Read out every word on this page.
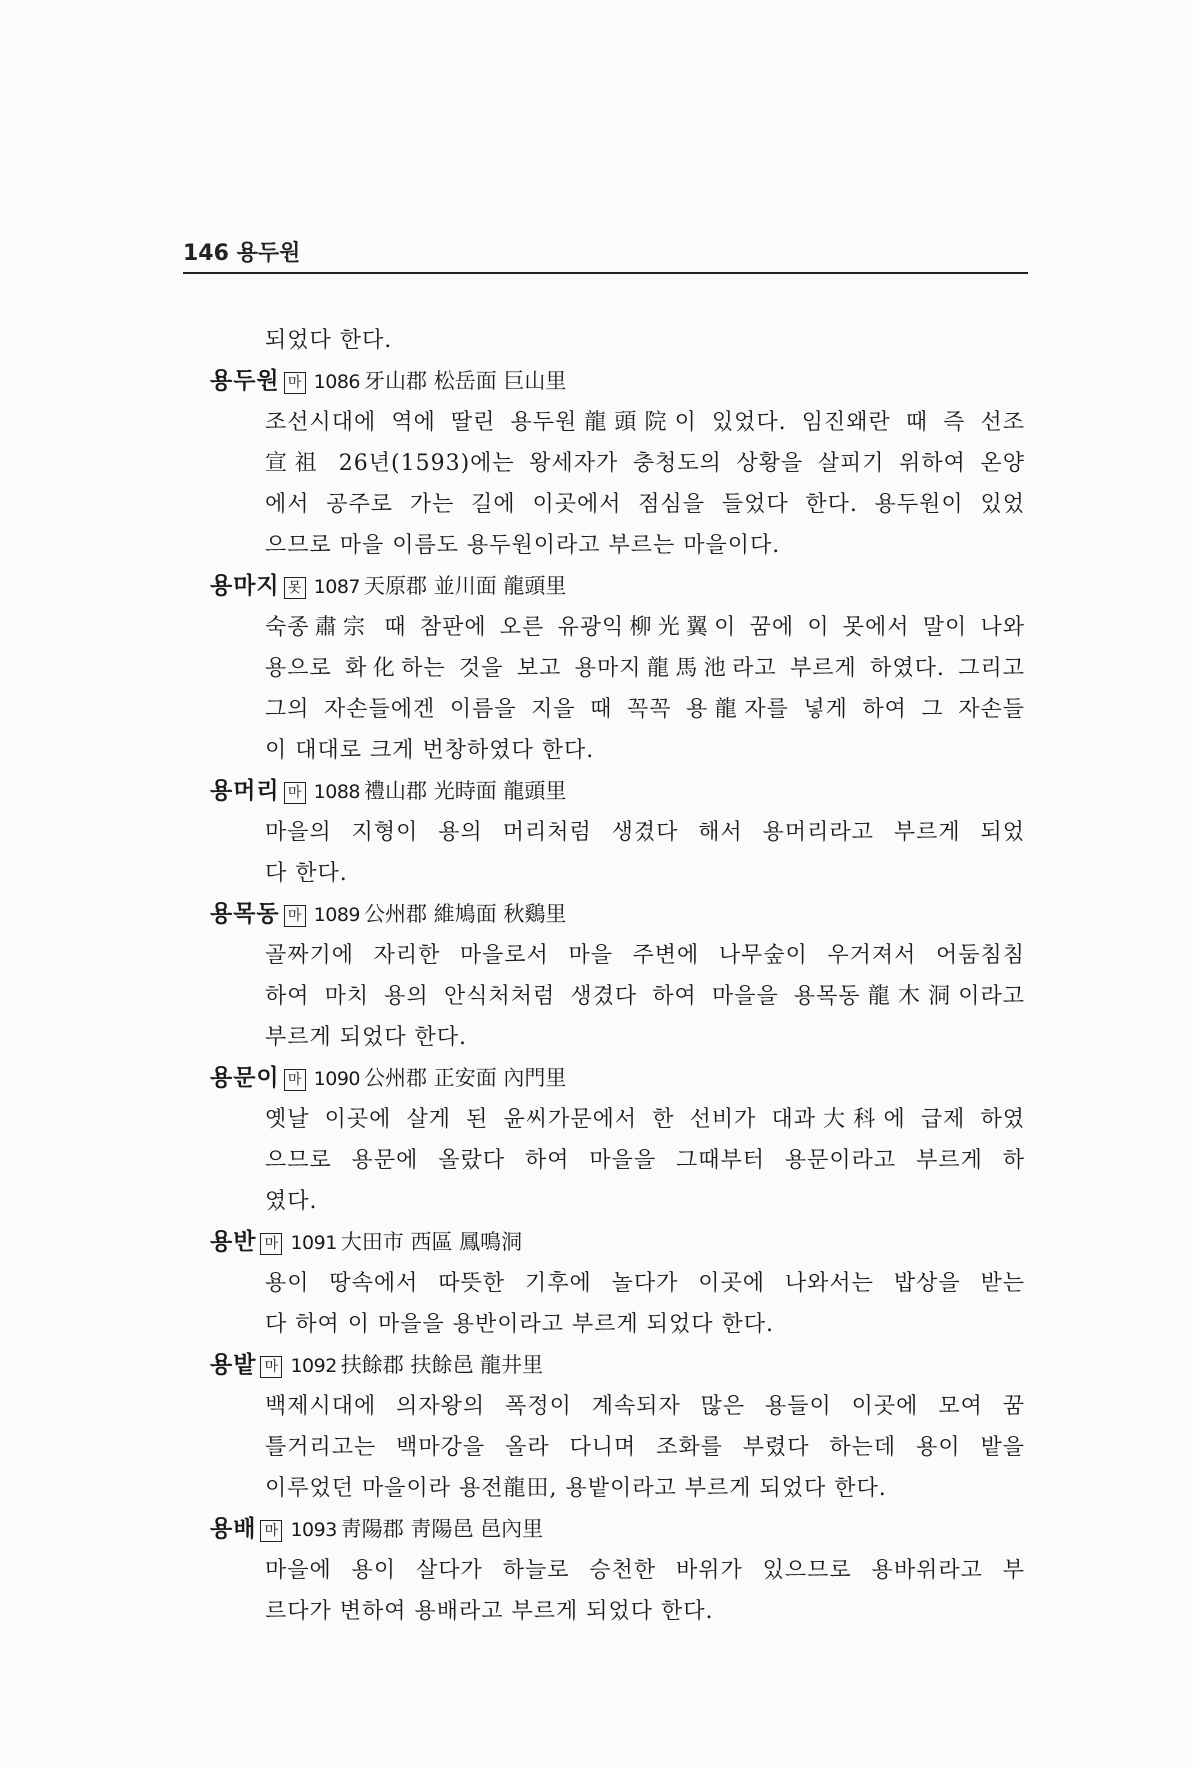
146 용두원
되었다 한다.
용두원 마 1086 牙山郡 松岳面 巨山里
조선시대에 역에 딸린 용두원龍頭院이 있었다. 임진왜란 때 즉 선조
宣祖 26년(1593)에는 왕세자가 충청도의 상황을 살피기 위하여 온양
에서 공주로 가는 길에 이곳에서 점심을 들었다 한다. 용두원이 있었
으므로 마을 이름도 용두원이라고 부르는 마을이다.
용마지 못 1087 天原郡 並川面 龍頭里
숙종肅宗 때 참판에 오른 유광익柳光翼이 꿈에 이 못에서 말이 나와
용으로 화化하는 것을 보고 용마지龍馬池라고 부르게 하였다. 그리고
그의 자손들에겐 이름을 지을 때 꼭꼭 용龍자를 넣게 하여 그 자손들
이 대대로 크게 번창하였다 한다.
용머리 마 1088 禮山郡 光時面 龍頭里
마을의 지형이 용의 머리처럼 생겼다 해서 용머리라고 부르게 되었
다 한다.
용목동 마 1089 公州郡 維鳩面 秋鷄里
골짜기에 자리한 마을로서 마을 주변에 나무숲이 우거져서 어둠침침
하여 마치 용의 안식처처럼 생겼다 하여 마을을 용목동龍木洞이라고
부르게 되었다 한다.
용문이 마 1090 公州郡 正安面 內門里
옛날 이곳에 살게 된 윤씨가문에서 한 선비가 대과大科에 급제 하였
으므로 용문에 올랐다 하여 마을을 그때부터 용문이라고 부르게 하
였다.
용반 마 1091 大田市 西區 鳳鳴洞
용이 땅속에서 따뜻한 기후에 놀다가 이곳에 나와서는 밥상을 받는
다 하여 이 마을을 용반이라고 부르게 되었다 한다.
용밭 마 1092 扶餘郡 扶餘邑 龍井里
백제시대에 의자왕의 폭정이 계속되자 많은 용들이 이곳에 모여 꿈
틀거리고는 백마강을 올라 다니며 조화를 부렸다 하는데 용이 밭을
이루었던 마을이라 용전龍田, 용밭이라고 부르게 되었다 한다.
용배 마 1093 靑陽郡 靑陽邑 邑內里
마을에 용이 살다가 하늘로 승천한 바위가 있으므로 용바위라고 부
르다가 변하여 용배라고 부르게 되었다 한다.
